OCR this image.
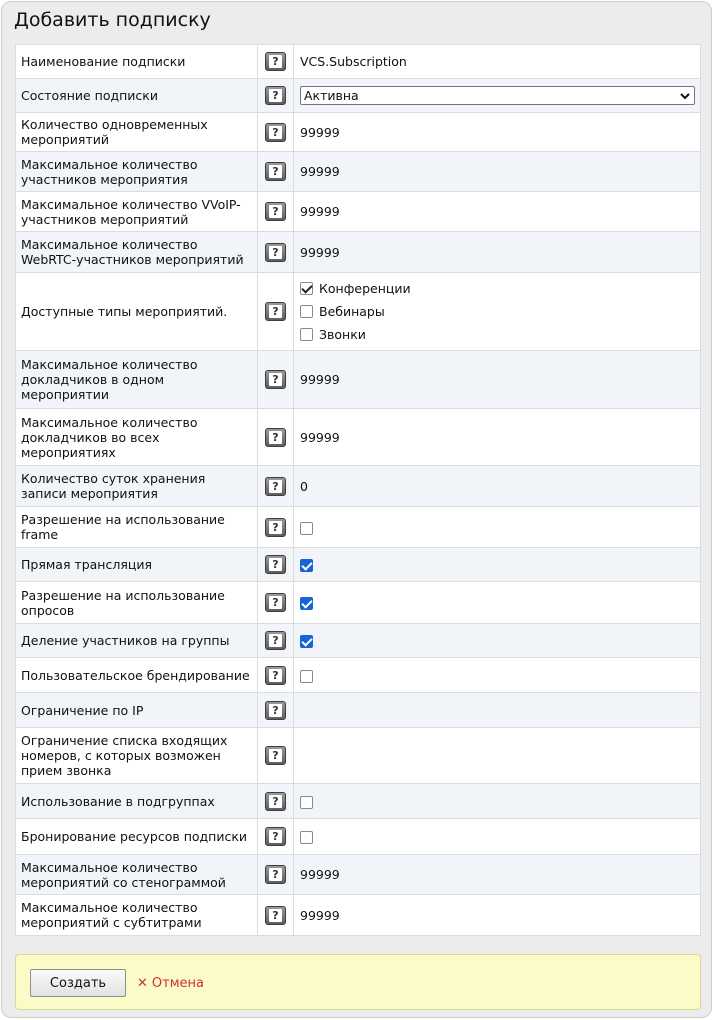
Добавить подписку
Наименование подписки	?	VCS.Subscription
Состояние подписки	?	Активна

Количество одновременных мероприятий	?	99999
Максимальное количество участников мероприятия	?	99999
Максимальное количество VVoIP-участников мероприятий	?	99999
Максимальное количество WebRTC-участников мероприятий	?	99999
Доступные типы мероприятий.	?	Конференции
Вебинары
Звонки

Максимальное количество докладчиков в одном мероприятии	?	99999
Максимальное количество докладчиков во всех мероприятиях	?	99999
Количество суток хранения записи мероприятия	?	0
Разрешение на использование frame	?	

Прямая трансляция	?	

Разрешение на использование опросов	?	

Деление участников на группы	?	

Пользовательское брендирование	?	

Ограничение по IP	?	

Ограничение списка входящих номеров, с которых возможен прием звонка	?	

Использование в подгруппах	?	

Бронирование ресурсов подписки	?	

Максимальное количество мероприятий со стенограммой	?	99999
Максимальное количество мероприятий с субтитрами	?	99999
Создать	✕ Отмена
